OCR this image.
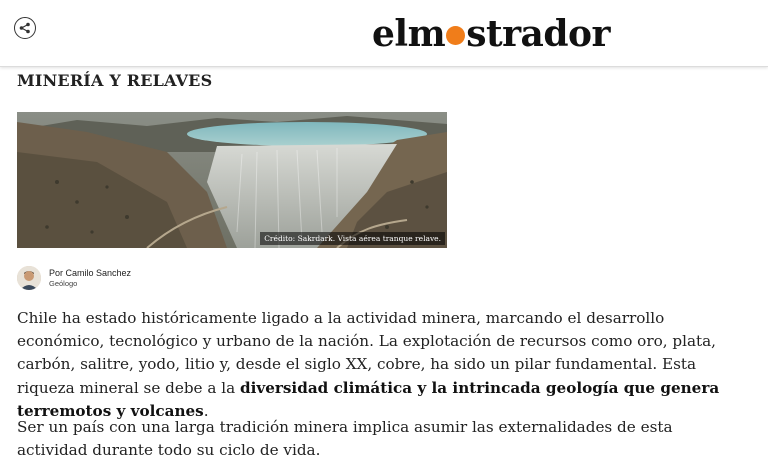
elm strador
MINERÍA Y RELAVES
Crédito: Sakrdark. Vista aérea tranque relave.
Por Camilo Sanchez
Geólogo

Chile ha estado históricamente ligado a la actividad minera, marcando el desarrollo económico, tecnológico y urbano de la nación. La explotación de recursos como oro, plata, carbón, salitre, yodo, litio y, desde el siglo XX, cobre, ha sido un pilar fundamental. Esta riqueza mineral se debe a la diversidad climática y la intrincada geología que genera terremotos y volcanes.

Ser un país con una larga tradición minera implica asumir las externalidades de esta actividad durante todo su ciclo de vida.
